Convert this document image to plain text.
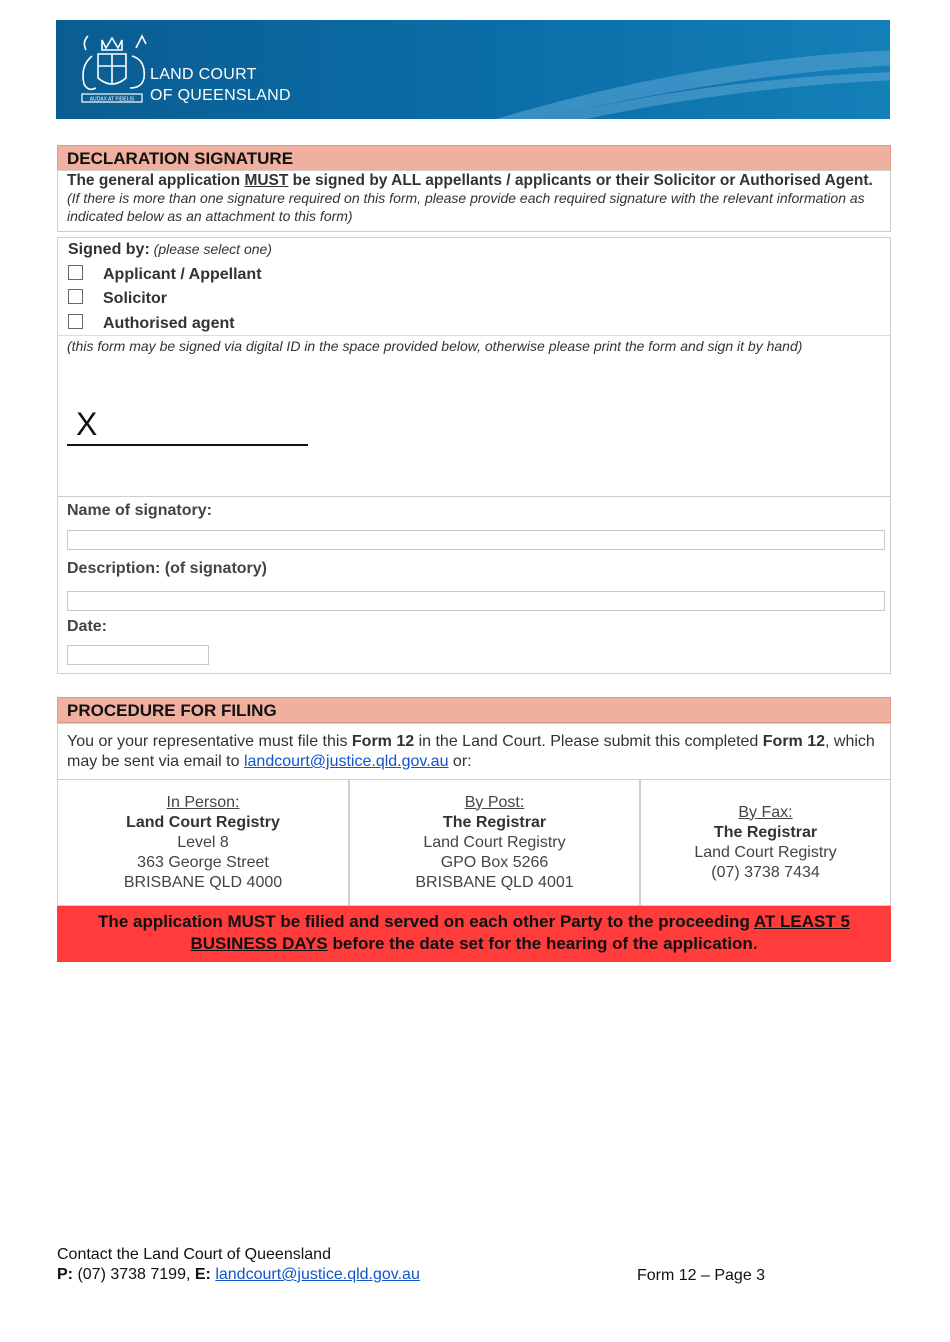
AUDAX AT FIDELIS
LAND COURT
OF QUEENSLAND
DECLARATION SIGNATURE
The general application MUST be signed by ALL appellants / applicants or their Solicitor or Authorised Agent. (If there is more than one signature required on this form, please provide each required signature with the relevant information as indicated below as an attachment to this form)
Signed by: (please select one)
Applicant / Appellant
Solicitor
Authorised agent
(this form may be signed via digital ID in the space provided below, otherwise please print the form and sign it by hand)
X
Name of signatory:
Description: (of signatory)
Date:
PROCEDURE FOR FILING
You or your representative must file this Form 12 in the Land Court. Please submit this completed Form 12, which may be sent via email to landcourt@justice.qld.gov.au or:
In Person:
Land Court Registry
Level 8
363 George Street
BRISBANE QLD 4000
By Post:
The Registrar
Land Court Registry
GPO Box 5266
BRISBANE QLD 4001
By Fax:
The Registrar
Land Court Registry
(07) 3738 7434
The application MUST be filied and served on each other Party to the proceeding AT LEAST 5 BUSINESS DAYS before the date set for the hearing of the application.
Contact the Land Court of Queensland
P: (07) 3738 7199, E: landcourt@justice.qld.gov.au	Form 12 – Page 3
